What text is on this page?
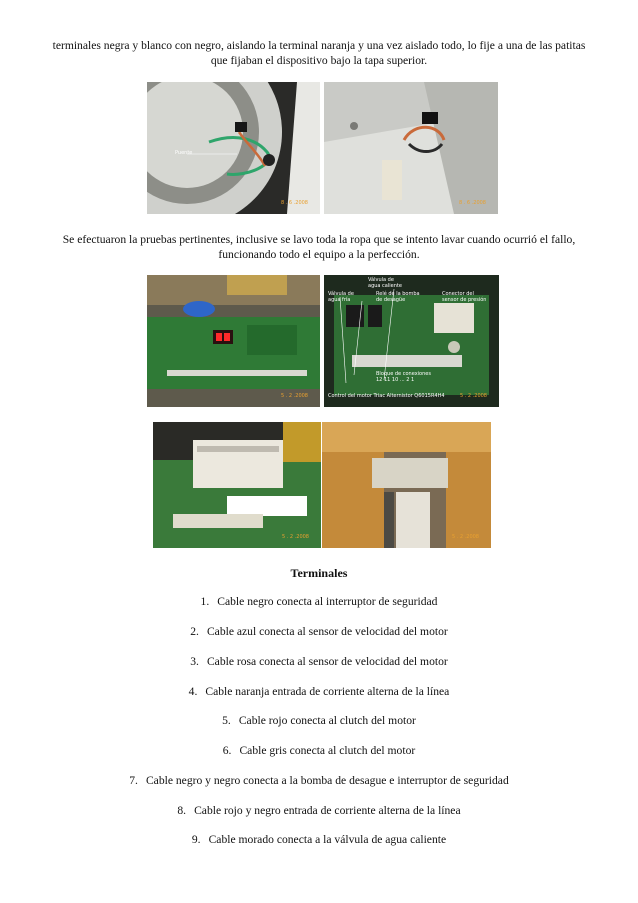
terminales negra y blanco con negro, aislando la terminal naranja y una vez aislado todo, lo fije a una de las patitas que fijaban el dispositivo bajo la tapa superior.

Puente
8 . 6 .2008	8 . 6 .2008

Se efectuaron la pruebas pertinentes, inclusive se lavo toda la ropa que se intento lavar cuando ocurrió el fallo, funcionando todo el equipo a la perfección.

5 . 2 .2008
Válvula de
agua caliente
Válvula de
agua fría
Relé de la bomba
de desagüe
Conector del
sensor de presión
Bloque de conexiones
12 11 10 ... 2 1
Control del motor Triac Alternistor Q6015R4H4	5 . 2 .2008
5 . 2 .2008	5 . 2 .2008
Terminales
1. Cable negro conecta al interruptor de seguridad
2. Cable azul conecta al sensor de velocidad del motor
3. Cable rosa conecta al sensor de velocidad del motor
4. Cable naranja entrada de corriente alterna de la línea
5. Cable rojo conecta al clutch del motor
6. Cable gris conecta al clutch del motor
7. Cable negro y negro conecta a la bomba de desague e interruptor de seguridad
8. Cable rojo y negro entrada de corriente alterna de la línea
9. Cable morado conecta a la válvula de agua caliente
